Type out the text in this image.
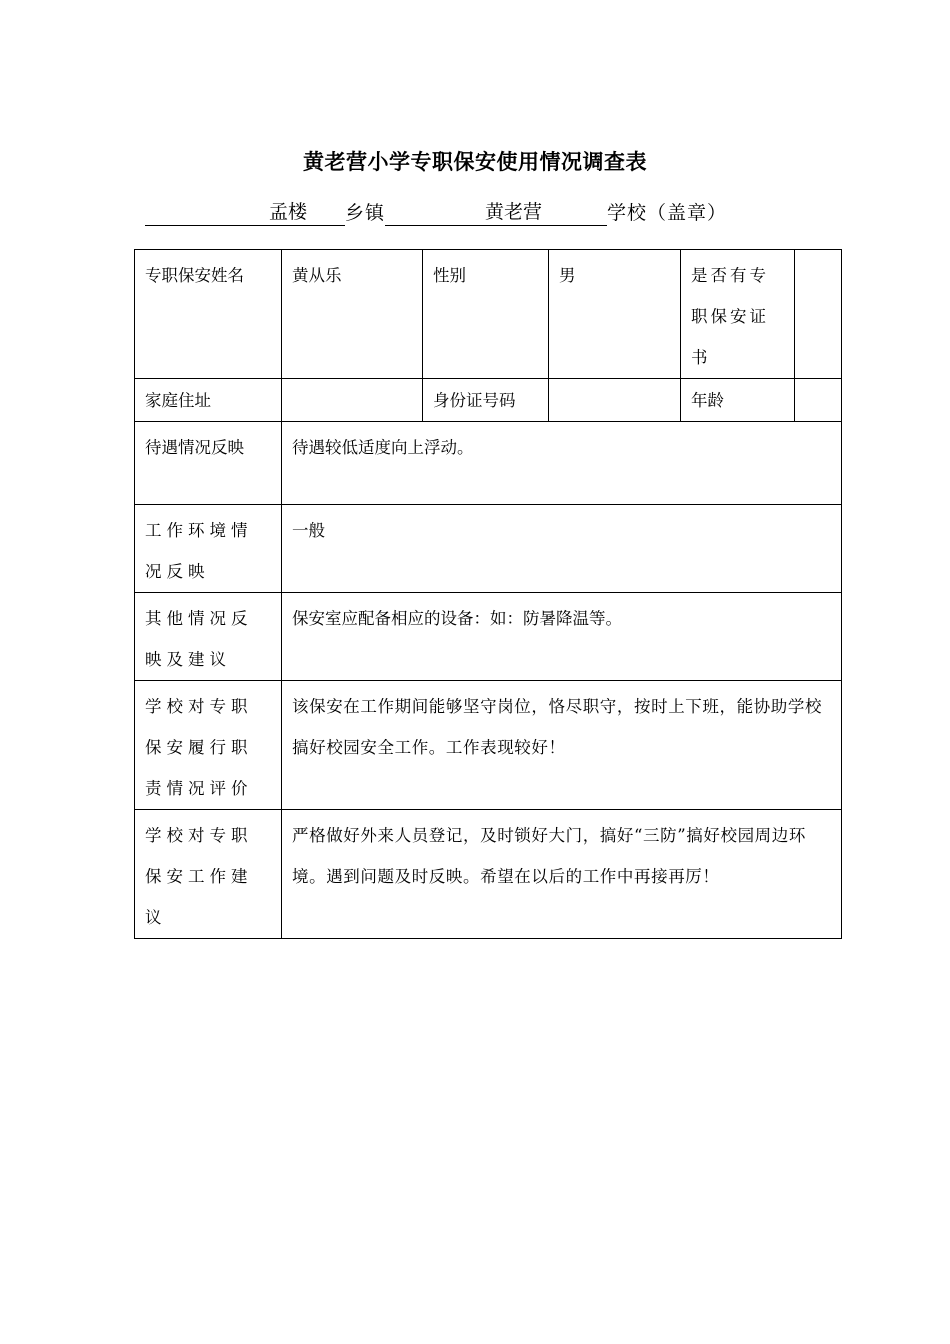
黄老营小学专职保安使用情况调查表
孟楼	乡镇	黄老营	学校（盖章）
专职保安姓名	黄从乐	性别	男	是否有专职保安证书	
家庭住址		身份证号码		年龄	
待遇情况反映	待遇较低适度向上浮动。				
工作环境情况反映	一般				
其他情况反映及建议	保安室应配备相应的设备：如：防暑降温等。				
学校对专职保安履行职责情况评价	该保安在工作期间能够坚守岗位，恪尽职守，按时上下班，能协助学校搞好校园安全工作。工作表现较好！				
学校对专职保安工作建议	严格做好外来人员登记，及时锁好大门，搞好“三防”搞好校园周边环境。遇到问题及时反映。希望在以后的工作中再接再厉！				
